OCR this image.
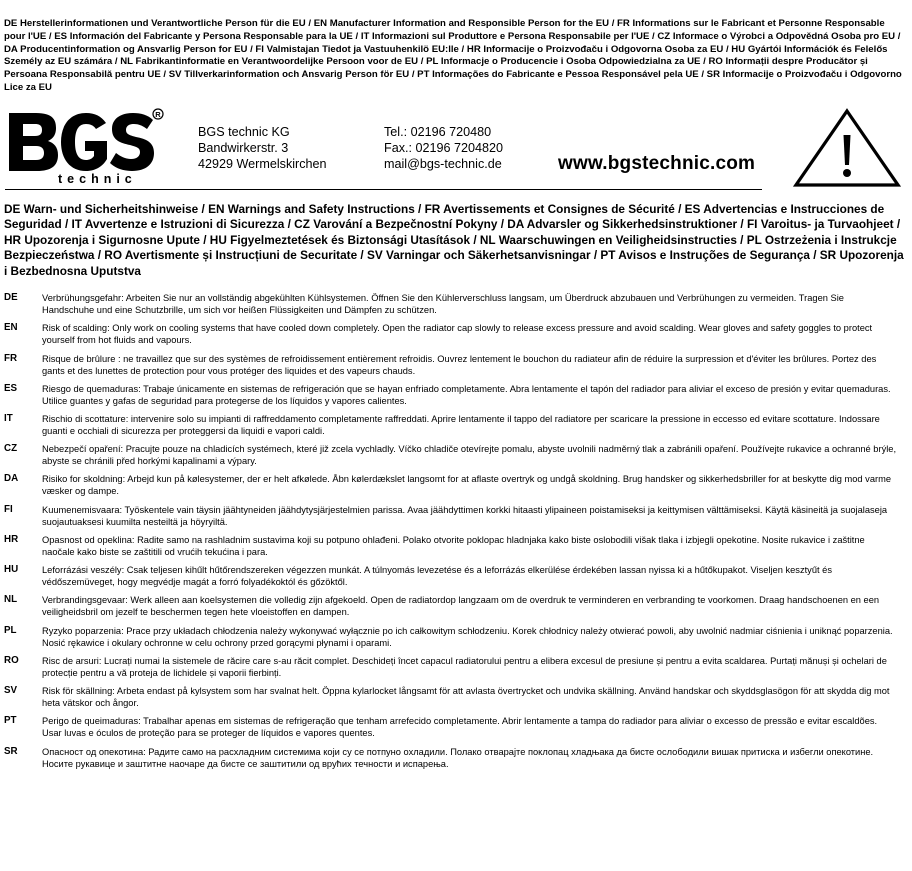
DE Herstellerinformationen und Verantwortliche Person für die EU / EN Manufacturer Information and Responsible Person for the EU / FR Informations sur le Fabricant et Personne Responsable pour l'UE / ES Información del Fabricante y Persona Responsable para la UE / IT Informazioni sul Produttore e Persona Responsabile per l'UE / CZ Informace o Výrobci a Odpovědná Osoba pro EU / DA Producentinformation og Ansvarlig Person for EU / FI Valmistajan Tiedot ja Vastuuhenkilö EU:lle / HR Informacije o Proizvođaču i Odgovorna Osoba za EU / HU Gyártói Információk és Felelős Személy az EU számára / NL Fabrikantinformatie en Verantwoordelijke Persoon voor de EU / PL Informacje o Producencie i Osoba Odpowiedzialna za UE / RO Informații despre Producător și Persoana Responsabilă pentru UE / SV Tillverkarinformation och Ansvarig Person för EU / PT Informações do Fabricante e Pessoa Responsável pela UE / SR Informacije o Proizvođaču i Odgovorno Lice za EU
R
technic
BGS technic KG
Bandwirkerstr. 3
42929 Wermelskirchen
Tel.: 02196 720480
Fax.: 02196 7204820
mail@bgs-technic.de	www.bgstechnic.com
DE Warn- und Sicherheitshinweise / EN Warnings and Safety Instructions / FR Avertissements et Consignes de Sécurité / ES Advertencias e Instrucciones de Seguridad / IT Avvertenze e Istruzioni di Sicurezza / CZ Varování a Bezpečnostní Pokyny / DA Advarsler og Sikkerhedsinstruktioner / FI Varoitus- ja Turvaohjeet / HR Upozorenja i Sigurnosne Upute / HU Figyelmeztetések és Biztonsági Utasítások / NL Waarschuwingen en Veiligheidsinstructies / PL Ostrzeżenia i Instrukcje Bezpieczeństwa / RO Avertismente și Instrucțiuni de Securitate / SV Varningar och Säkerhetsanvisningar / PT Avisos e Instruções de Segurança / SR Upozorenja i Bezbednosna Uputstva
DE	Verbrühungsgefahr: Arbeiten Sie nur an vollständig abgekühlten Kühlsystemen. Öffnen Sie den Kühlerverschluss langsam, um Überdruck abzubauen und Verbrühungen zu vermeiden. Tragen Sie Handschuhe und eine Schutzbrille, um sich vor heißen Flüssigkeiten und Dämpfen zu schützen.
EN	Risk of scalding: Only work on cooling systems that have cooled down completely. Open the radiator cap slowly to release excess pressure and avoid scalding. Wear gloves and safety goggles to protect yourself from hot fluids and vapours.
FR	Risque de brûlure : ne travaillez que sur des systèmes de refroidissement entièrement refroidis. Ouvrez lentement le bouchon du radiateur afin de réduire la surpression et d'éviter les brûlures. Portez des gants et des lunettes de protection pour vous protéger des liquides et des vapeurs chauds.
ES	Riesgo de quemaduras: Trabaje únicamente en sistemas de refrigeración que se hayan enfriado completamente. Abra lentamente el tapón del radiador para aliviar el exceso de presión y evitar quemaduras. Utilice guantes y gafas de seguridad para protegerse de los líquidos y vapores calientes.
IT	Rischio di scottature: intervenire solo su impianti di raffreddamento completamente raffreddati. Aprire lentamente il tappo del radiatore per scaricare la pressione in eccesso ed evitare scottature. Indossare guanti e occhiali di sicurezza per proteggersi da liquidi e vapori caldi.
CZ	Nebezpečí opaření: Pracujte pouze na chladicích systémech, které již zcela vychladly. Víčko chladiče otevírejte pomalu, abyste uvolnili nadměrný tlak a zabránili opaření. Používejte rukavice a ochranné brýle, abyste se chránili před horkými kapalinami a výpary.
DA	Risiko for skoldning: Arbejd kun på kølesystemer, der er helt afkølede. Åbn kølerdækslet langsomt for at aflaste overtryk og undgå skoldning. Brug handsker og sikkerhedsbriller for at beskytte dig mod varme væsker og dampe.
FI	Kuumenemisvaara: Työskentele vain täysin jäähtyneiden jäähdytysjärjestelmien parissa. Avaa jäähdyttimen korkki hitaasti ylipaineen poistamiseksi ja keittymisen välttämiseksi. Käytä käsineitä ja suojalaseja suojautuaksesi kuumilta nesteiltä ja höyryiltä.
HR	Opasnost od opeklina: Radite samo na rashladnim sustavima koji su potpuno ohlađeni. Polako otvorite poklopac hladnjaka kako biste oslobodili višak tlaka i izbjegli opekotine. Nosite rukavice i zaštitne naočale kako biste se zaštitili od vrućih tekućina i para.
HU	Leforrázási veszély: Csak teljesen kihűlt hűtőrendszereken végezzen munkát. A túlnyomás levezetése és a leforrázás elkerülése érdekében lassan nyissa ki a hűtőkupakot. Viseljen kesztyűt és védőszemüveget, hogy megvédje magát a forró folyadékoktól és gőzöktől.
NL	Verbrandingsgevaar: Werk alleen aan koelsystemen die volledig zijn afgekoeld. Open de radiatordop langzaam om de overdruk te verminderen en verbranding te voorkomen. Draag handschoenen en een veiligheidsbril om jezelf te beschermen tegen hete vloeistoffen en dampen.
PL	Ryzyko poparzenia: Prace przy układach chłodzenia należy wykonywać wyłącznie po ich całkowitym schłodzeniu. Korek chłodnicy należy otwierać powoli, aby uwolnić nadmiar ciśnienia i uniknąć poparzenia. Nosić rękawice i okulary ochronne w celu ochrony przed gorącymi płynami i oparami.
RO	Risc de arsuri: Lucrați numai la sistemele de răcire care s-au răcit complet. Deschideți încet capacul radiatorului pentru a elibera excesul de presiune și pentru a evita scaldarea. Purtați mănuși și ochelari de protecție pentru a vă proteja de lichidele și vaporii fierbinți.
SV	Risk för skällning: Arbeta endast på kylsystem som har svalnat helt. Öppna kylarlocket långsamt för att avlasta övertrycket och undvika skällning. Använd handskar och skyddsglasögon för att skydda dig mot heta vätskor och ångor.
PT	Perigo de queimaduras: Trabalhar apenas em sistemas de refrigeração que tenham arrefecido completamente. Abrir lentamente a tampa do radiador para aliviar o excesso de pressão e evitar escaldões. Usar luvas e óculos de proteção para se proteger de líquidos e vapores quentes.
SR	Опасност од опекотина: Радите само на расхладним системима који су се потпуно охладили. Полако отварајте поклопац хладњака да бисте ослободили вишак притиска и избегли опекотине. Носите рукавице и заштитне наочаре да бисте се заштитили од врућих течности и испарења.
